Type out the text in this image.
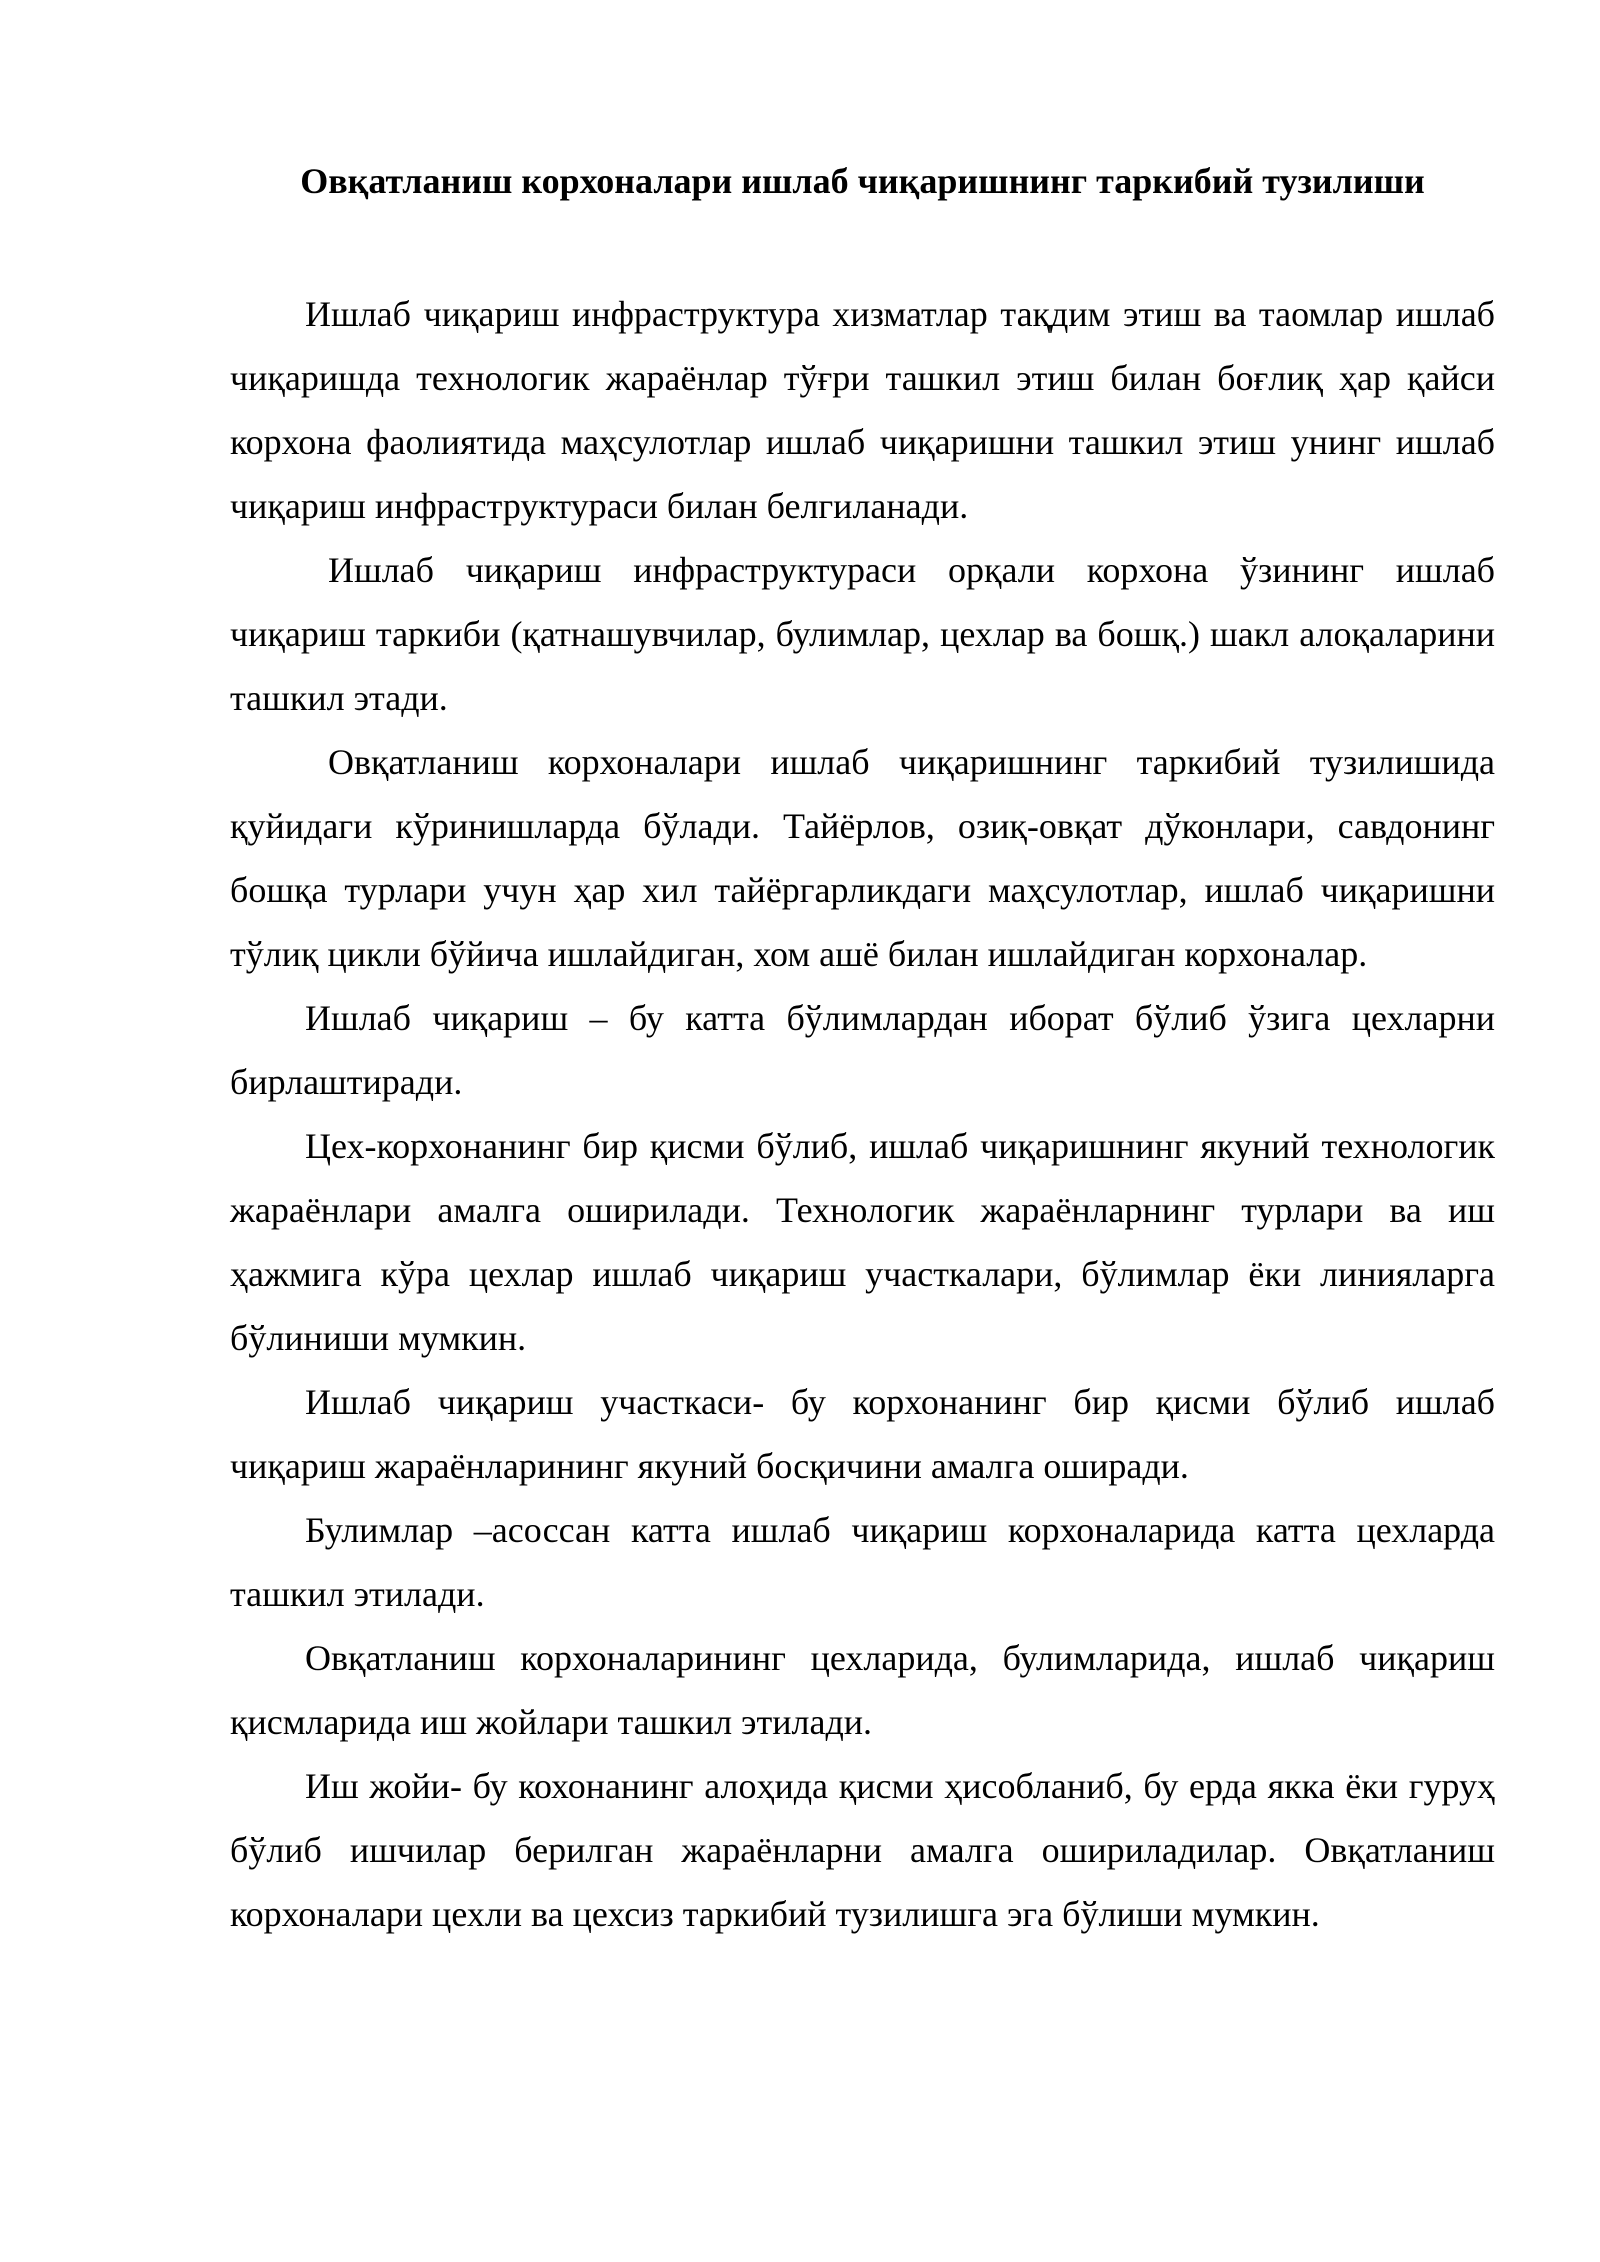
Овқатланиш корхоналари ишлаб чиқаришнинг таркибий тузилиши

Ишлаб чиқариш инфраструктура хизматлар тақдим этиш ва таомлар ишлаб чиқаришда технологик жараёнлар тўғри ташкил этиш билан боғлиқ ҳар қайси корхона фаолиятида маҳсулотлар ишлаб чиқаришни ташкил этиш унинг ишлаб чиқариш инфраструктураси билан белгиланади.

Ишлаб чиқариш инфраструктураси орқали корхона ўзининг ишлаб чиқариш таркиби (қатнашувчилар, булимлар, цехлар ва бошқ.) шакл алоқаларини ташкил этади.

Овқатланиш корхоналари ишлаб чиқаришнинг таркибий тузилишида қуйидаги кўринишларда бўлади. Тайёрлов, озиқ-овқат дўконлари, савдонинг бошқа турлари учун ҳар хил тайёргарликдаги маҳсулотлар, ишлаб чиқаришни тўлиқ цикли бўйича ишлайдиган, хом ашё билан ишлайдиган корхоналар.

Ишлаб чиқариш – бу катта бўлимлардан иборат бўлиб ўзига цехларни бирлаштиради.

Цех-корхонанинг бир қисми бўлиб, ишлаб чиқаришнинг якуний технологик жараёнлари амалга оширилади. Технологик жараёнларнинг турлари ва иш ҳажмига кўра цехлар ишлаб чиқариш участкалари, бўлимлар ёки линияларга бўлиниши мумкин.

Ишлаб чиқариш участкаси- бу корхонанинг бир қисми бўлиб ишлаб чиқариш жараёнларининг якуний босқичини амалга оширади.

Булимлар –асоссан катта ишлаб чиқариш корхоналарида катта цехларда ташкил этилади.

Овқатланиш корхоналарининг цехларида, булимларида, ишлаб чиқариш қисмларида иш жойлари ташкил этилади.

Иш жойи- бу кохонанинг алоҳида қисми ҳисобланиб, бу ерда якка ёки гуруҳ бўлиб ишчилар берилган жараёнларни амалга ошириладилар. Овқатланиш корхоналари цехли ва цехсиз таркибий тузилишга эга бўлиши мумкин.
